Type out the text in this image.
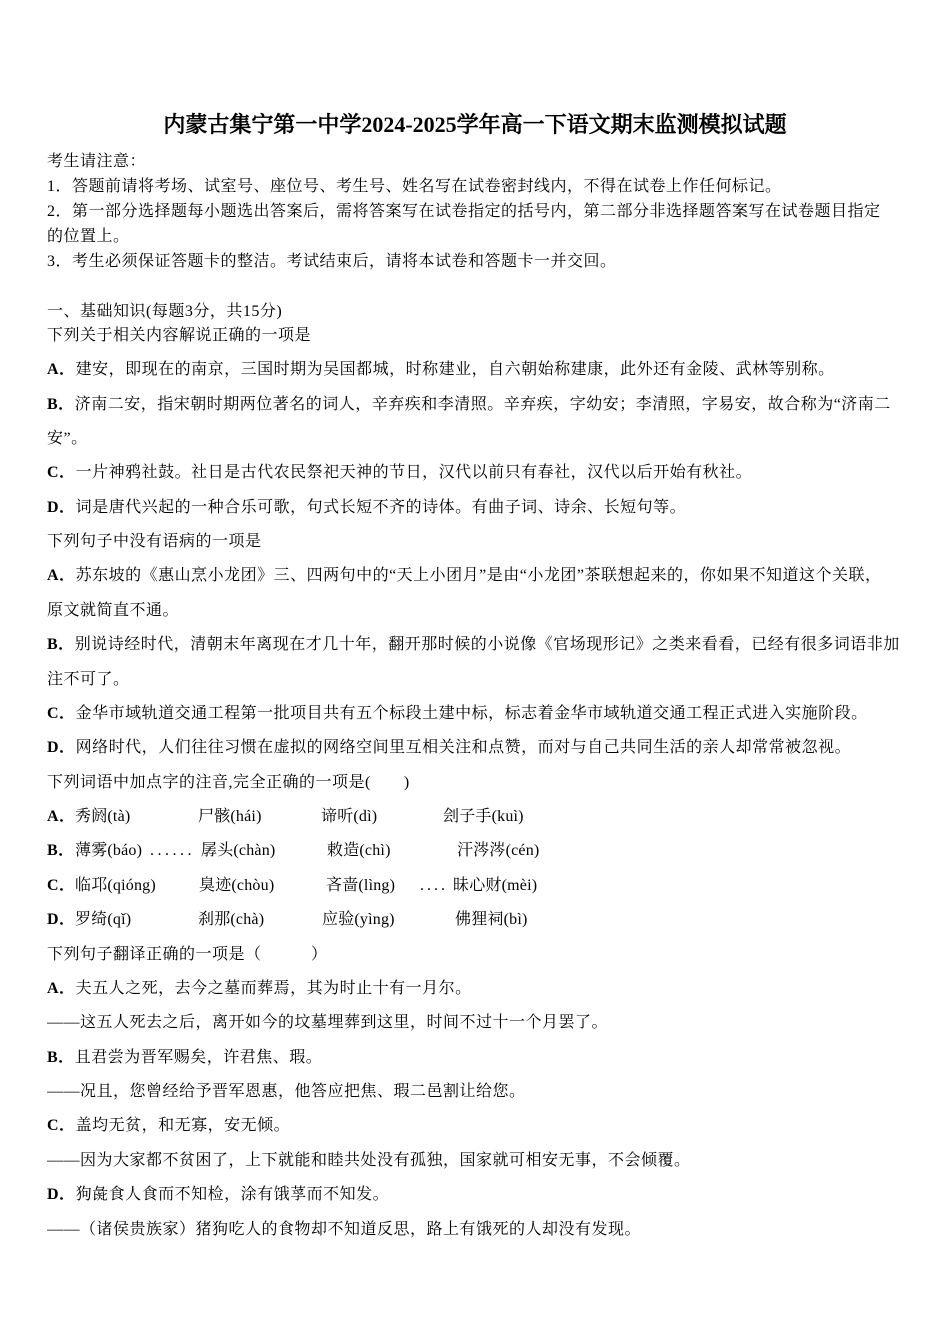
内蒙古集宁第一中学2024-2025学年高一下语文期末监测模拟试题
考生请注意：
1．答题前请将考场、试室号、座位号、考生号、姓名写在试卷密封线内，不得在试卷上作任何标记。
2．第一部分选择题每小题选出答案后，需将答案写在试卷指定的括号内，第二部分非选择题答案写在试卷题目指定
的位置上。
3．考生必须保证答题卡的整洁。考试结束后，请将本试卷和答题卡一并交回。
一、基础知识(每题3分，共15分)
下列关于相关内容解说正确的一项是
A．建安，即现在的南京，三国时期为吴国都城，时称建业，自六朝始称建康，此外还有金陵、武林等别称。
B．济南二安，指宋朝时期两位著名的词人，辛弃疾和李清照。辛弃疾，字幼安；李清照，字易安，故合称为“济南二
安”。
C．一片神鸦社鼓。社日是古代农民祭祀天神的节日，汉代以前只有春社，汉代以后开始有秋社。
D．词是唐代兴起的一种合乐可歌，句式长短不齐的诗体。有曲子词、诗余、长短句等。
下列句子中没有语病的一项是
A．苏东坡的《惠山烹小龙团》三、四两句中的“天上小团月”是由“小龙团”茶联想起来的，你如果不知道这个关联，
原文就简直不通。
B．别说诗经时代，清朝末年离现在才几十年，翻开那时候的小说像《官场现形记》之类来看看，已经有很多词语非加
注不可了。
C．金华市域轨道交通工程第一批项目共有五个标段土建中标，标志着金华市域轨道交通工程正式进入实施阶段。
D．网络时代，人们往往习惯在虚拟的网络空间里互相关注和点赞，而对与自己共同生活的亲人却常常被忽视。
下列词语中加点字的注音,完全正确的一项是(　　)
A． 秀阏(tà)	尸骸(hái)	谛听(dì)	刽子手(kuì)
B． 薄雾(báo) ...... 孱头(chàn)	敕造(chì)	汗涔涔(cén)
C． 临邛(qióng)	臭迹(chòu)	吝啬(lìng) .... 昧心财(mèi)
D． 罗绮(qǐ)	刹那(chà)	应验(yìng)	佛狸祠(bì)
下列句子翻译正确的一项是（　　　）
A．夫五人之死，去今之墓而葬焉，其为时止十有一月尔。
——这五人死去之后，离开如今的坟墓埋葬到这里，时间不过十一个月罢了。
B．且君尝为晋军赐矣，许君焦、瑕。
——况且，您曾经给予晋军恩惠，他答应把焦、瑕二邑割让给您。
C．盖均无贫，和无寡，安无倾。
——因为大家都不贫困了，上下就能和睦共处没有孤独，国家就可相安无事，不会倾覆。
D．狗彘食人食而不知检，涂有饿莩而不知发。
——（诸侯贵族家）猪狗吃人的食物却不知道反思，路上有饿死的人却没有发现。
